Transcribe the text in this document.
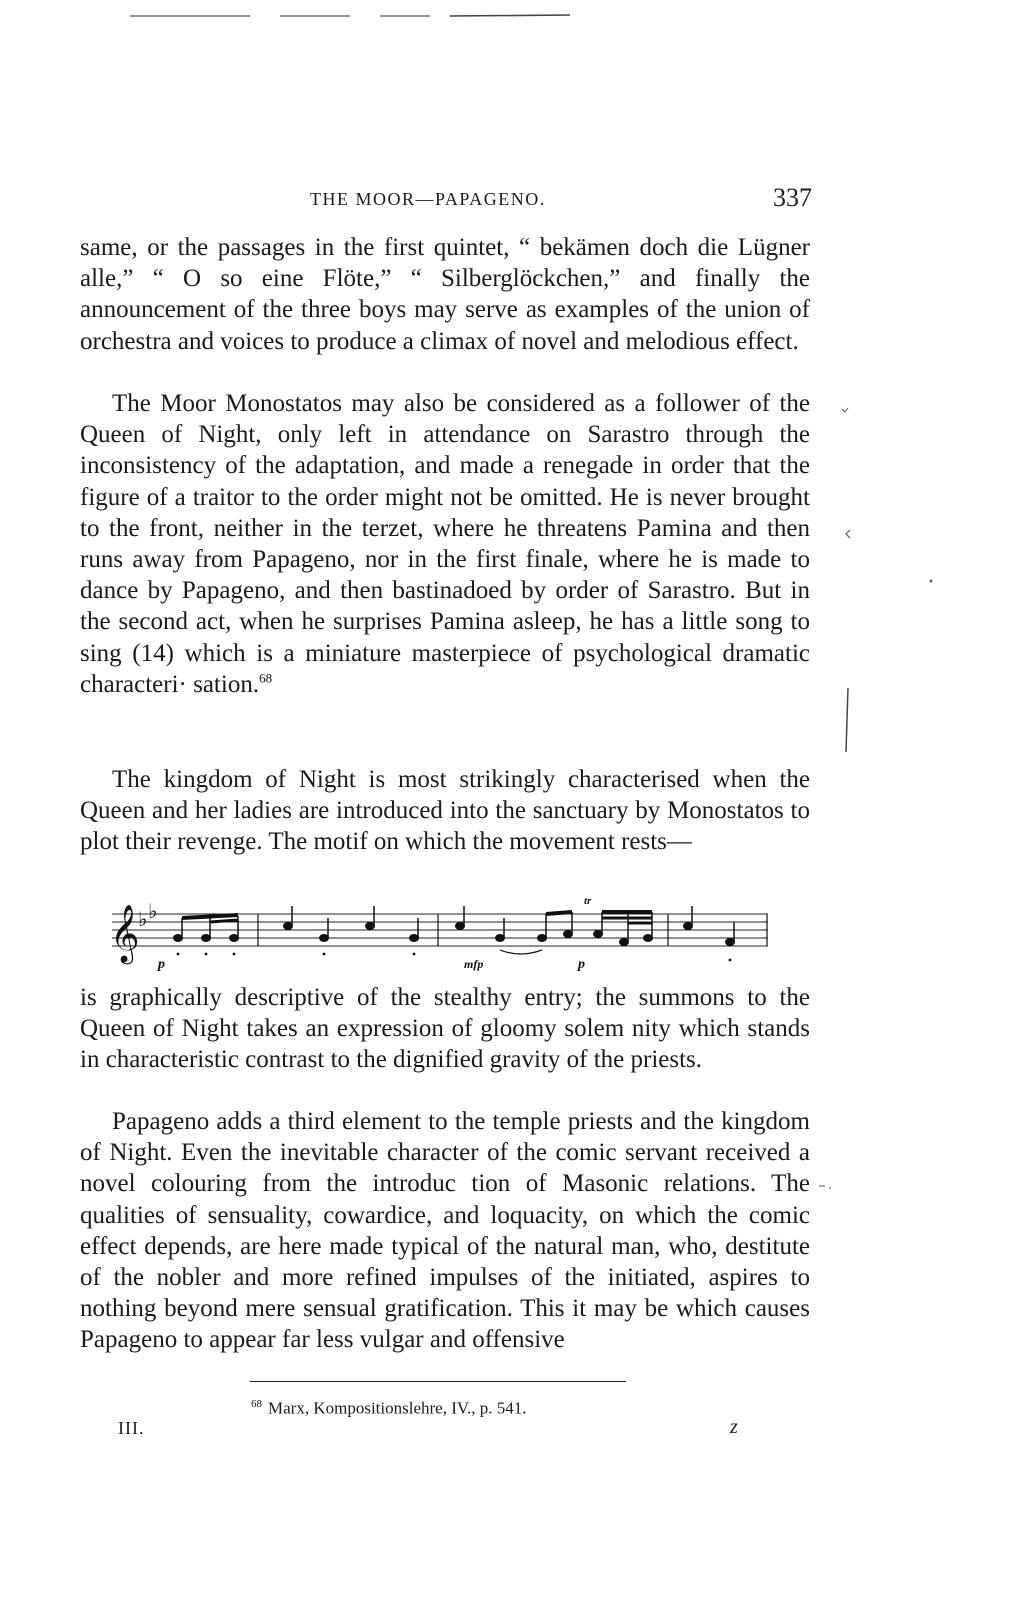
THE MOOR—PAPAGENO.	337

same, or the passages in the first quintet, “ bekämen doch die Lügner alle,” “ O so eine Flöte,” “ Silberglöckchen,” and finally the announcement of the three boys may serve as examples of the union of orchestra and voices to produce a climax of novel and melodious effect.

The Moor Monostatos may also be considered as a follower of the Queen of Night, only left in attendance on Sarastro through the inconsistency of the adaptation, and made a renegade in order that the figure of a traitor to the order might not be omitted. He is never brought to the front, neither in the terzet, where he threatens Pamina and then runs away from Papageno, nor in the first finale, where he is made to dance by Papageno, and then bastinadoed by order of Sarastro. But in the second act, when he surprises Pamina asleep, he has a little song to sing (14) which is a miniature masterpiece of psychological dramatic characteri· sation.$^{68}$

The kingdom of Night is most strikingly characterised when the Queen and her ladies are introduced into the sanctuary by Monostatos to plot their revenge. The motif on which the movement rests—

𝄞
♭ ♭	tr
p	mfp	p

is graphically descriptive of the stealthy entry; the summons to the Queen of Night takes an expression of gloomy solem nity which stands in characteristic contrast to the dignified gravity of the priests.

Papageno adds a third element to the temple priests and the kingdom of Night. Even the inevitable character of the comic servant received a novel colouring from the introduc tion of Masonic relations. The qualities of sensuality, cowardice, and loquacity, on which the comic effect depends, are here made typical of the natural man, who, destitute of the nobler and more refined impulses of the initiated, aspires to nothing beyond mere sensual gratification. This it may be which causes Papageno to appear far less vulgar and offensive

$^{68}$ Marx, Kompositionslehre, IV., p. 541.
III.	z
